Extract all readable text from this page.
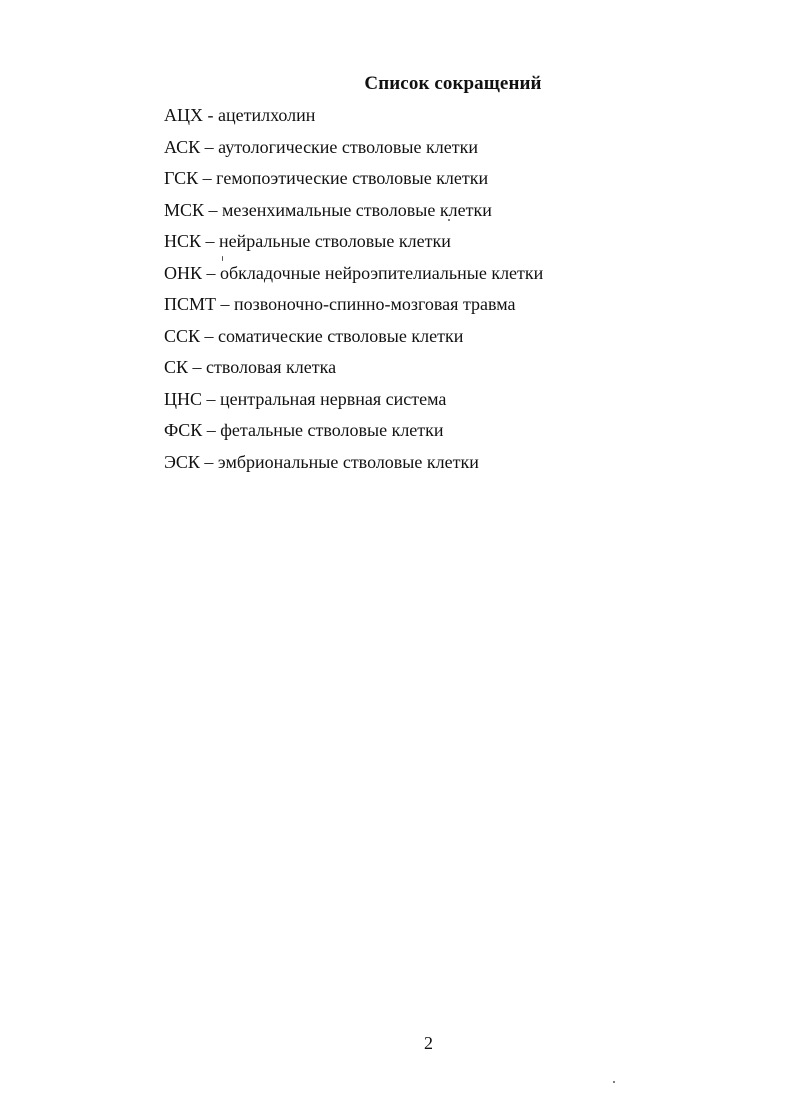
Список сокращений
АЦХ - ацетилхолин
АСК – аутологические стволовые клетки
ГСК – гемопоэтические стволовые клетки
МСК – мезенхимальные стволовые клетки
НСК – нейральные стволовые клетки
ОНК – обкладочные нейроэпителиальные клетки
ПСМТ – позвоночно-спинно-мозговая травма
ССК – соматические стволовые клетки
СК – стволовая клетка
ЦНС – центральная нервная система
ФСК – фетальные стволовые клетки
ЭСК – эмбриональные стволовые клетки
2
